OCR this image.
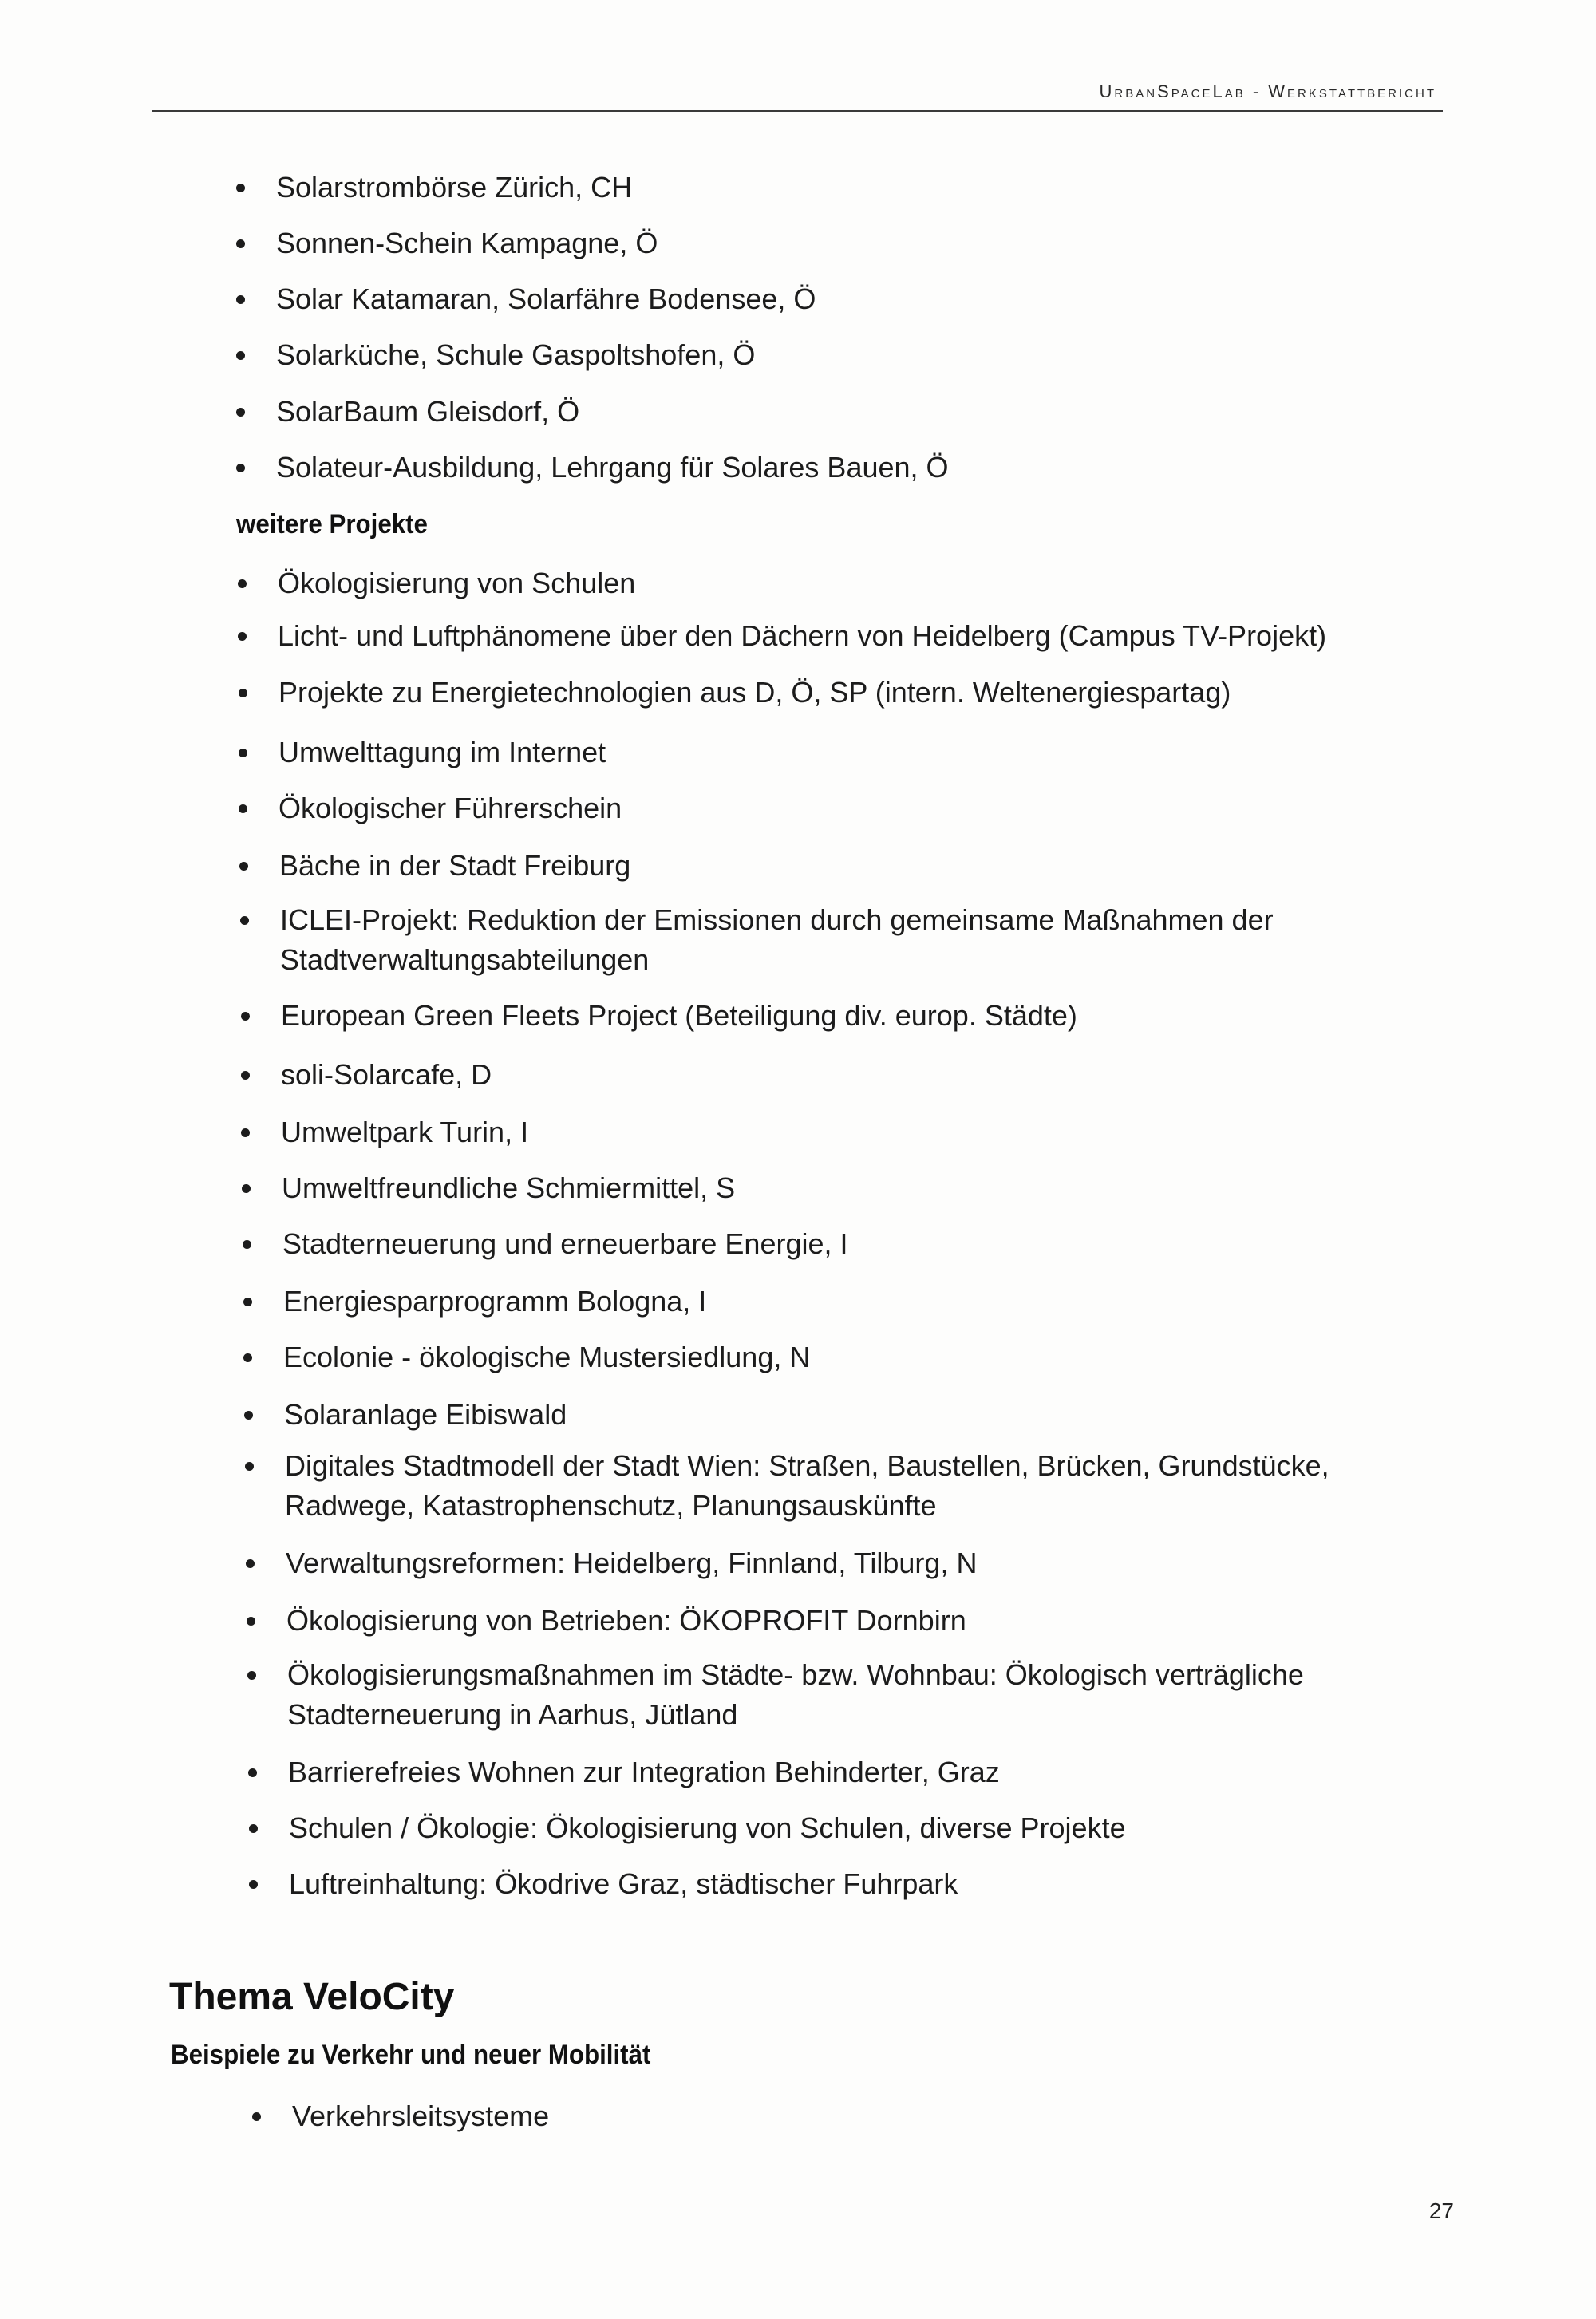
UrbanSpaceLab - Werkstattbericht
Solarstrombörse Zürich, CH
Sonnen-Schein Kampagne, Ö
Solar Katamaran, Solarfähre Bodensee, Ö
Solarküche, Schule Gaspoltshofen, Ö
SolarBaum Gleisdorf, Ö
Solateur-Ausbildung, Lehrgang für Solares Bauen, Ö
weitere Projekte
Ökologisierung von Schulen
Licht- und Luftphänomene über den Dächern von Heidelberg (Campus TV-Projekt)
Projekte zu Energietechnologien aus D, Ö, SP (intern. Weltenergiespartag)
Umwelttagung im Internet
Ökologischer Führerschein
Bäche in der Stadt Freiburg
ICLEI-Projekt: Reduktion der Emissionen durch gemeinsame Maßnahmen der Stadtverwaltungsabteilungen
European Green Fleets Project (Beteiligung div. europ. Städte)
soli-Solarcafe, D
Umweltpark Turin, I
Umweltfreundliche Schmiermittel, S
Stadterneuerung und erneuerbare Energie, I
Energiesparprogramm Bologna, I
Ecolonie - ökologische Mustersiedlung, N
Solaranlage Eibiswald
Digitales Stadtmodell der Stadt Wien: Straßen, Baustellen, Brücken, Grundstücke, Radwege, Katastrophenschutz, Planungsauskünfte
Verwaltungsreformen: Heidelberg, Finnland, Tilburg, N
Ökologisierung von Betrieben: ÖKOPROFIT Dornbirn
Ökologisierungsmaßnahmen im Städte- bzw. Wohnbau: Ökologisch verträgliche Stadterneuerung in Aarhus, Jütland
Barrierefreies Wohnen zur Integration Behinderter, Graz
Schulen / Ökologie: Ökologisierung von Schulen, diverse Projekte
Luftreinhaltung: Ökodrive Graz, städtischer Fuhrpark
Thema VeloCity
Beispiele zu Verkehr und neuer Mobilität
Verkehrsleitsysteme
27
